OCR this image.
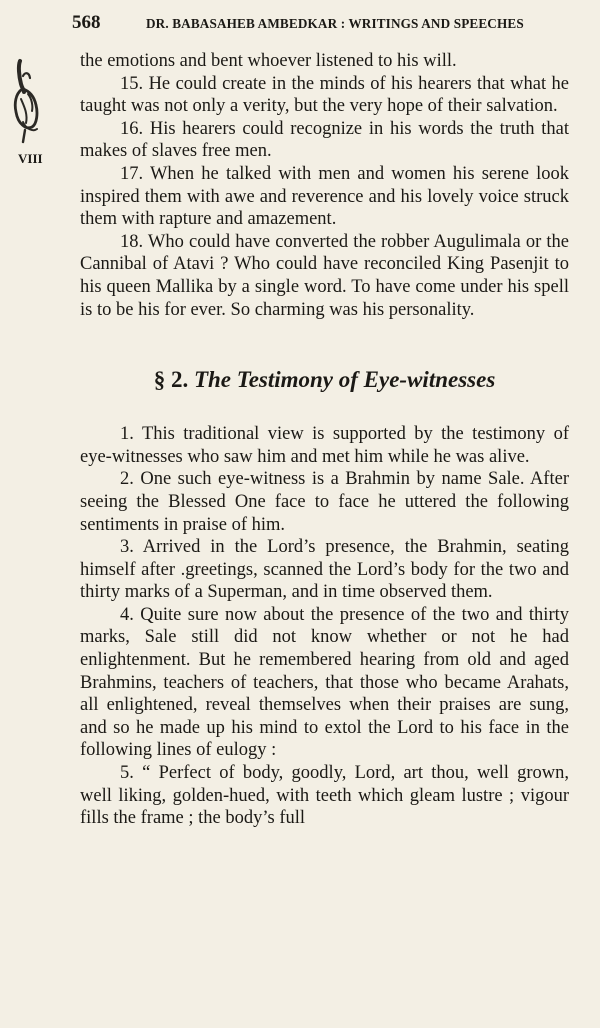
568	DR. BABASAHEB AMBEDKAR : WRITINGS AND SPEECHES
VIII

the emotions and bent whoever listened to his will.

15. He could create in the minds of his hearers that what he taught was not only a verity, but the very hope of their salvation.

16. His hearers could recognize in his words the truth that makes of slaves free men.

17. When he talked with men and women his serene look inspired them with awe and reverence and his lovely voice struck them with rapture and amazement.

18. Who could have converted the robber Augulimala or the Cannibal of Atavi ? Who could have reconciled King Pasenjit to his queen Mallika by a single word. To have come under his spell is to be his for ever. So charming was his personality.

§ 2. The Testimony of Eye-witnesses

1. This traditional view is supported by the testimony of eye-witnesses who saw him and met him while he was alive.

2. One such eye-witness is a Brahmin by name Sale. After seeing the Blessed One face to face he uttered the following sentiments in praise of him.

3. Arrived in the Lord’s presence, the Brahmin, seating himself after .greetings, scanned the Lord’s body for the two and thirty marks of a Superman, and in time observed them.

4. Quite sure now about the presence of the two and thirty marks, Sale still did not know whether or not he had enlightenment. But he remembered hearing from old and aged Brahmins, teachers of teachers, that those who became Arahats, all enlightened, reveal themselves when their praises are sung, and so he made up his mind to extol the Lord to his face in the following lines of eulogy :

5. “ Perfect of body, goodly, Lord, art thou, well grown, well liking, golden-hued, with teeth which gleam lustre ; vigour fills the frame ; the body’s full
